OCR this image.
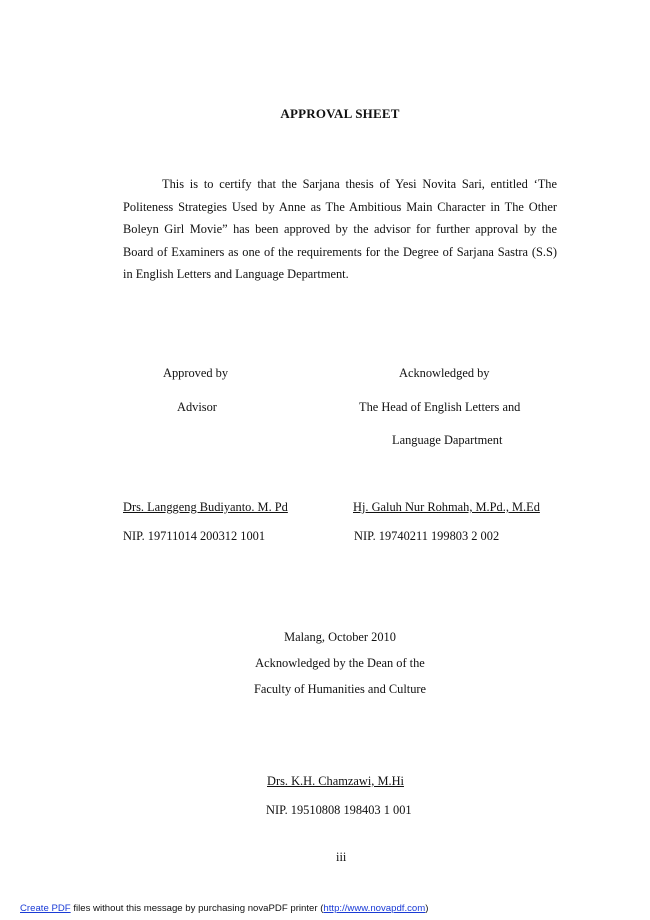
APPROVAL SHEET
This is to certify that the Sarjana thesis of Yesi Novita Sari, entitled ‘The Politeness Strategies Used by Anne as The Ambitious Main Character in The Other Boleyn Girl Movie” has been approved by the advisor for further approval by the Board of Examiners as one of the requirements for the Degree of Sarjana Sastra (S.S) in English Letters and Language Department.
Approved by
Advisor
Drs. Langgeng Budiyanto. M. Pd
NIP. 19711014 200312 1001
Acknowledged by
The Head of English Letters and
Language Dapartment
Hj. Galuh Nur Rohmah, M.Pd., M.Ed
NIP. 19740211 199803 2 002
Malang, October 2010
Acknowledged by the Dean of the
Faculty of Humanities and Culture
Drs. K.H. Chamzawi, M.Hi
NIP. 19510808 198403 1 001
iii
Create PDF files without this message by purchasing novaPDF printer (http://www.novapdf.com)
